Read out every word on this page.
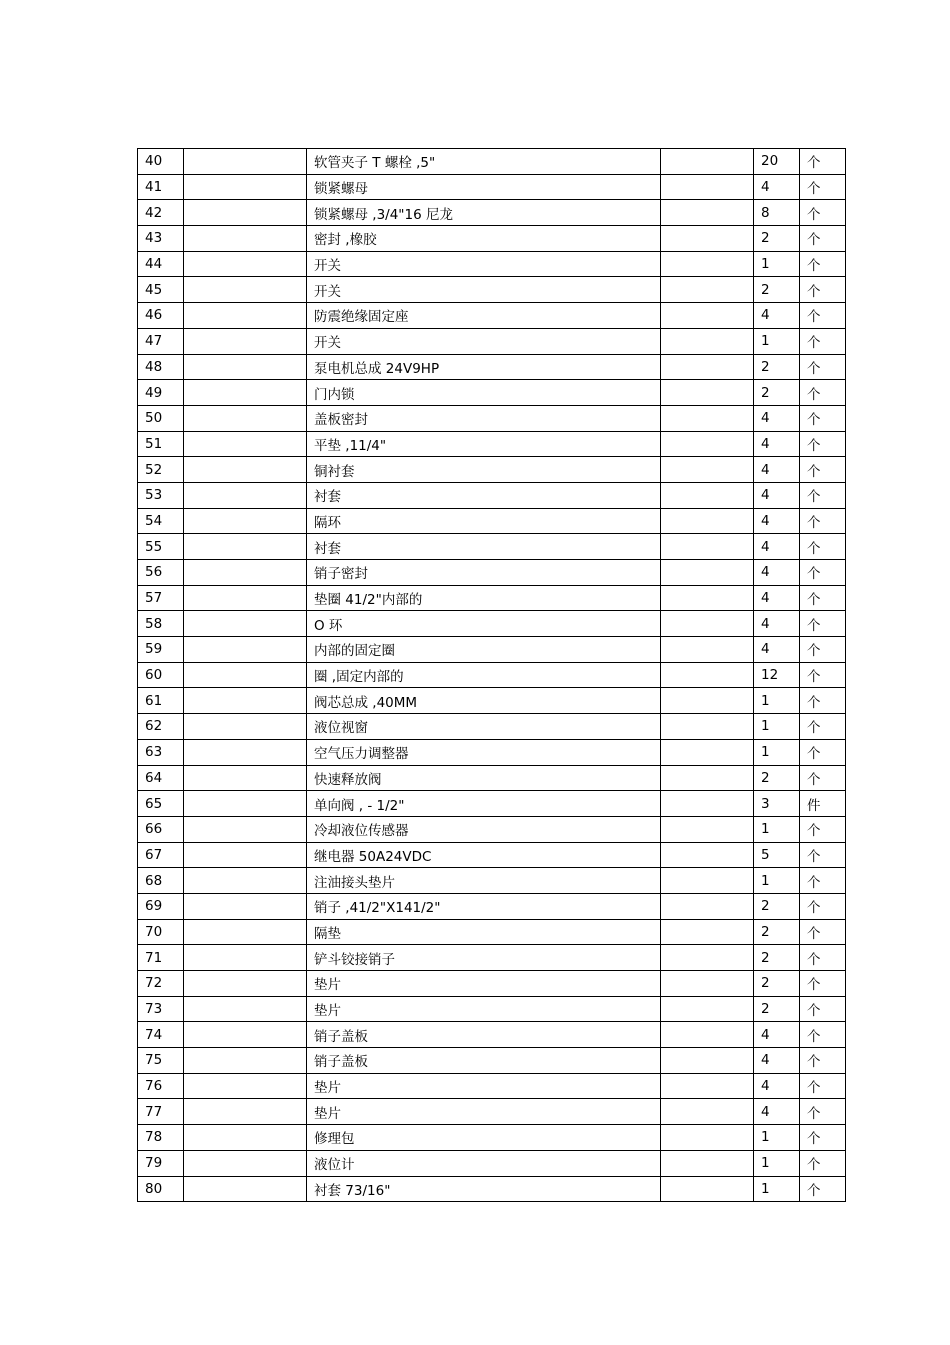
40		软管夹子 T 螺栓 ,5"		20	个
41		锁紧螺母		4	个
42		锁紧螺母 ,3/4"16 尼龙		8	个
43		密封 ,橡胶		2	个
44		开关		1	个
45		开关		2	个
46		防震绝缘固定座		4	个
47		开关		1	个
48		泵电机总成 24V9HP		2	个
49		门内锁		2	个
50		盖板密封		4	个
51		平垫 ,11/4"		4	个
52		铜衬套		4	个
53		衬套		4	个
54		隔环		4	个
55		衬套		4	个
56		销子密封		4	个
57		垫圈 41/2"内部的		4	个
58		O 环		4	个
59		内部的固定圈		4	个
60		圈 ,固定内部的		12	个
61		阀芯总成 ,40MM		1	个
62		液位视窗		1	个
63		空气压力调整器		1	个
64		快速释放阀		2	个
65		单向阀 , - 1/2"		3	件
66		冷却液位传感器		1	个
67		继电器 50A24VDC		5	个
68		注油接头垫片		1	个
69		销子 ,41/2"X141/2"		2	个
70		隔垫		2	个
71		铲斗铰接销子		2	个
72		垫片		2	个
73		垫片		2	个
74		销子盖板		4	个
75		销子盖板		4	个
76		垫片		4	个
77		垫片		4	个
78		修理包		1	个
79		液位计		1	个
80		衬套 73/16"		1	个
